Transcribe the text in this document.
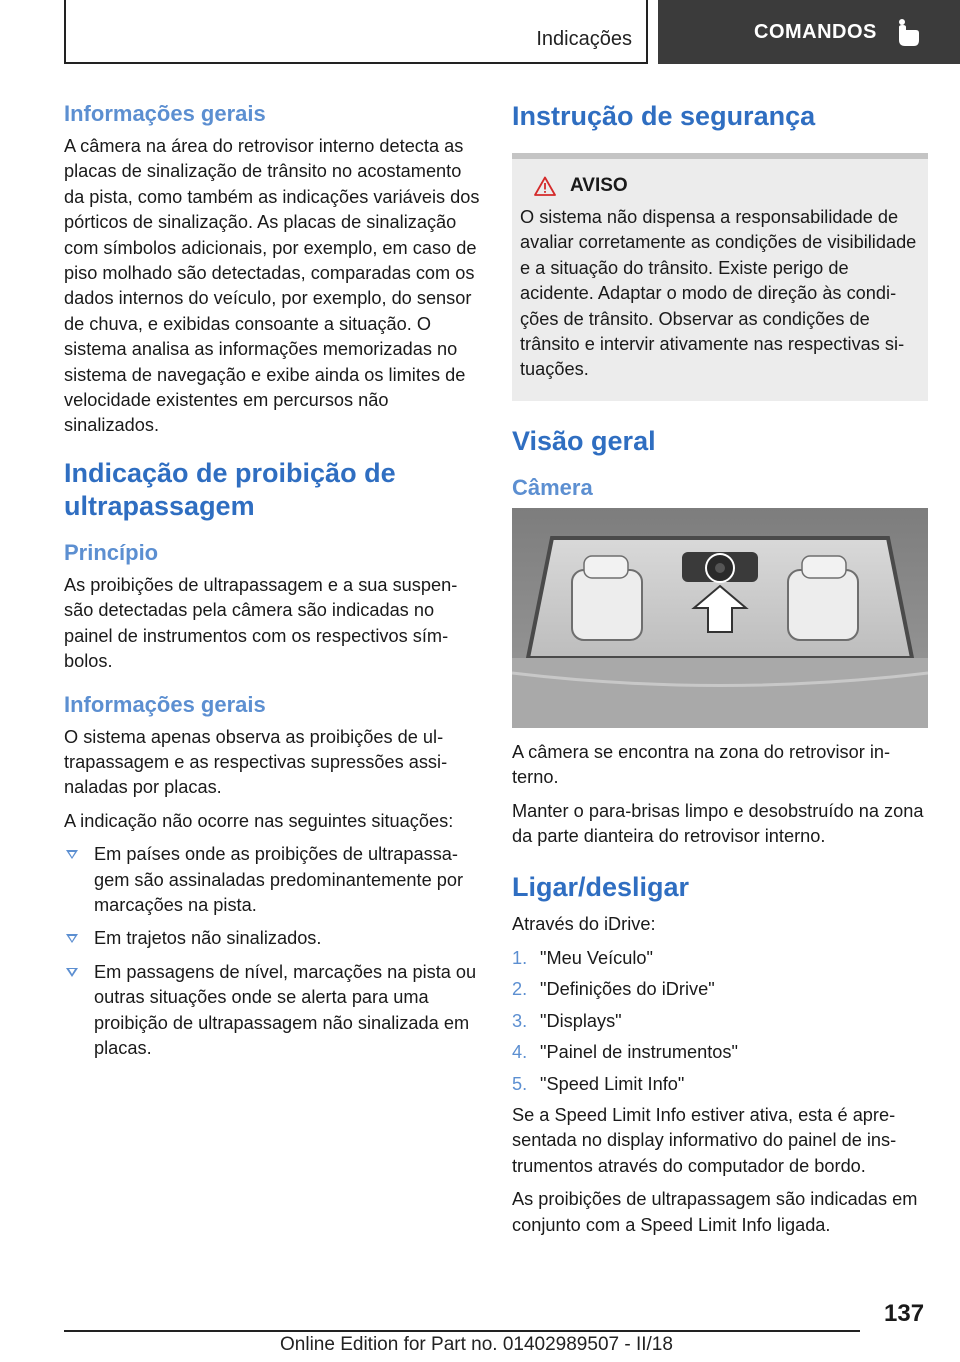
Indicações	COMANDOS
Informações gerais

A câmera na área do retrovisor interno detecta as placas de sinalização de trânsito no acostamento da pista, como também as indicações variáveis dos pórticos de sinalização. As placas de sinalização com símbolos adicionais, por exemplo, em caso de piso molhado são detectadas, comparadas com os dados internos do veículo, por exemplo, do sensor de chuva, e exibidas consoante a situação. O sistema analisa as informações memorizadas no sistema de navegação e exibe ainda os limites de velocidade existentes em percursos não sinalizados.

Indicação de proibição de ultrapassagem
Princípio

As proibições de ultrapassagem e a sua suspensão detectadas pela câmera são indicadas no painel de instrumentos com os respectivos símbolos.

Informações gerais

O sistema apenas observa as proibições de ultrapassagem e as respectivas supressões assinaladas por placas.

A indicação não ocorre nas seguintes situações:

Em países onde as proibições de ultrapassagem são assinaladas predominantemente por marcações na pista.
Em trajetos não sinalizados.
Em passagens de nível, marcações na pista ou outras situações onde se alerta para uma proibição de ultrapassagem não sinalizada em placas.
Instrução de segurança
AVISO

O sistema não dispensa a responsabilidade de avaliar corretamente as condições de visibilidade e a situação do trânsito. Existe perigo de acidente. Adaptar o modo de direção às condições de trânsito. Observar as condições de trânsito e intervir ativamente nas respectivas situações.

Visão geral
Câmera

A câmera se encontra na zona do retrovisor interno.

Manter o para-brisas limpo e desobstruído na zona da parte dianteira do retrovisor interno.

Ligar/desligar

Através do iDrive:

1. "Meu Veículo"
2. "Definições do iDrive"
3. "Displays"
4. "Painel de instrumentos"
5. "Speed Limit Info"

Se a Speed Limit Info estiver ativa, esta é apresentada no display informativo do painel de instrumentos através do computador de bordo.

As proibições de ultrapassagem são indicadas em conjunto com a Speed Limit Info ligada.

137
Online Edition for Part no. 01402989507 - II/18
